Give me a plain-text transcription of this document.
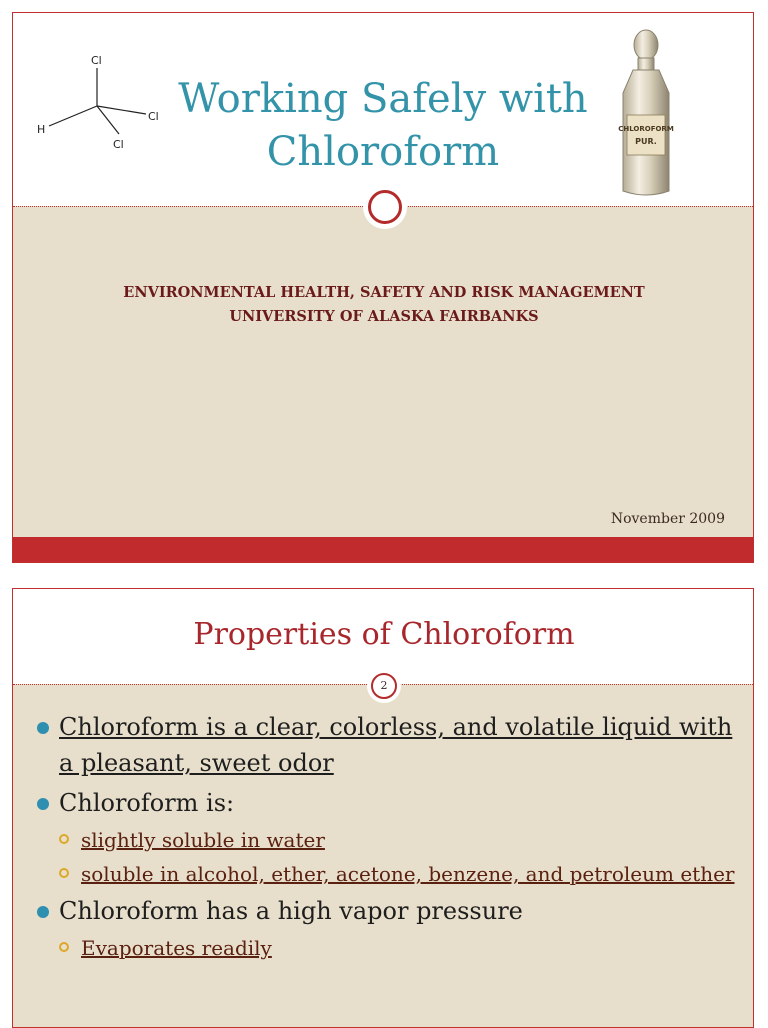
Cl
Cl
Cl
H
Working Safely with
Chloroform	CHLOROFORM
PUR.
ENVIRONMENTAL HEALTH, SAFETY AND RISK MANAGEMENT
UNIVERSITY OF ALASKA FAIRBANKS
November 2009
Properties of Chloroform
2
Chloroform is a clear, colorless, and volatile liquid with a pleasant, sweet odor
Chloroform is:
slightly soluble in water
soluble in alcohol, ether, acetone, benzene, and petroleum ether
Chloroform has a high vapor pressure
Evaporates readily
